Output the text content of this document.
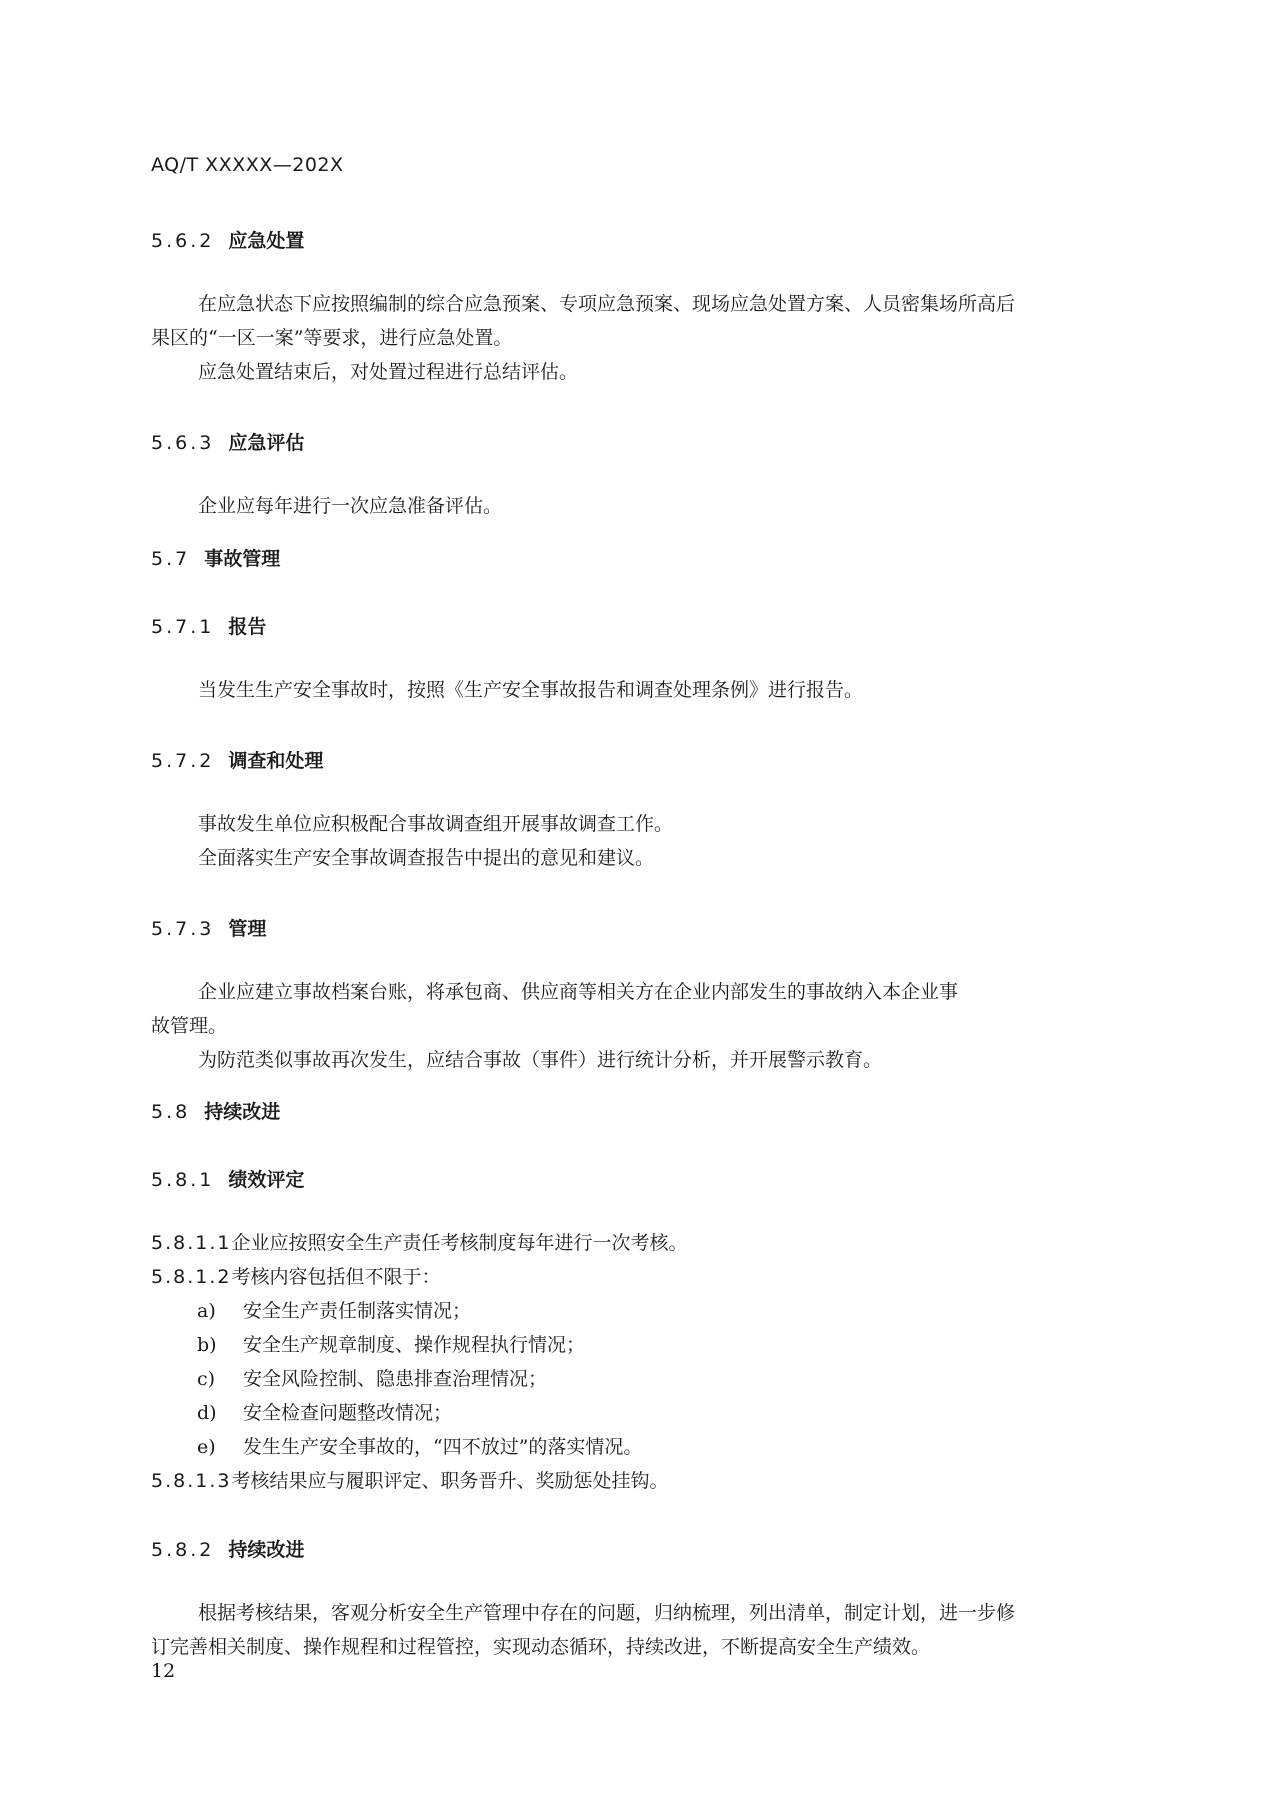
AQ/T XXXXX—202X
5.6.2 应急处置
在应急状态下应按照编制的综合应急预案、专项应急预案、现场应急处置方案、人员密集场所高后
果区的“一区一案”等要求，进行应急处置。
应急处置结束后，对处置过程进行总结评估。
5.6.3 应急评估
企业应每年进行一次应急准备评估。
5.7 事故管理
5.7.1 报告
当发生生产安全事故时，按照《生产安全事故报告和调查处理条例》进行报告。
5.7.2 调查和处理
事故发生单位应积极配合事故调查组开展事故调查工作。
全面落实生产安全事故调查报告中提出的意见和建议。
5.7.3 管理
企业应建立事故档案台账，将承包商、供应商等相关方在企业内部发生的事故纳入本企业事
故管理。
为防范类似事故再次发生，应结合事故（事件）进行统计分析，并开展警示教育。
5.8 持续改进
5.8.1 绩效评定
5.8.1.1企业应按照安全生产责任考核制度每年进行一次考核。
5.8.1.2考核内容包括但不限于：
a) 安全生产责任制落实情况；
b) 安全生产规章制度、操作规程执行情况；
c) 安全风险控制、隐患排查治理情况；
d) 安全检查问题整改情况；
e) 发生生产安全事故的，“四不放过”的落实情况。
5.8.1.3考核结果应与履职评定、职务晋升、奖励惩处挂钩。
5.8.2 持续改进
根据考核结果，客观分析安全生产管理中存在的问题，归纳梳理，列出清单，制定计划，进一步修
订完善相关制度、操作规程和过程管控，实现动态循环，持续改进，不断提高安全生产绩效。
12
